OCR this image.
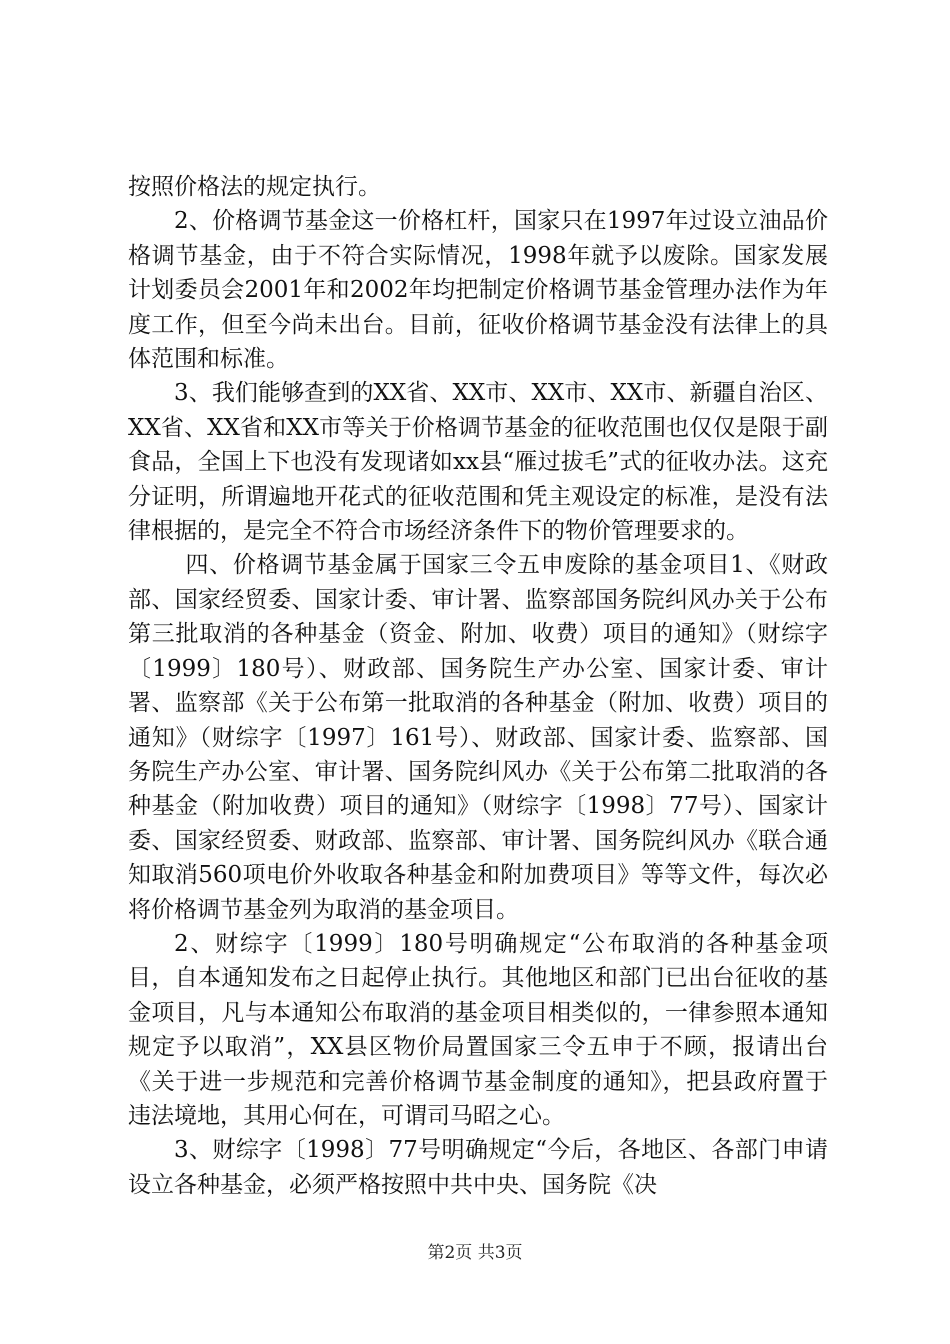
按照价格法的规定执行。

2、价格调节基金这一价格杠杆，国家只在1997年过设立油品价格调节基金，由于不符合实际情况，1998年就予以废除。国家发展计划委员会2001年和2002年均把制定价格调节基金管理办法作为年度工作，但至今尚未出台。目前，征收价格调节基金没有法律上的具体范围和标准。

3、我们能够查到的XX省、XX市、XX市、XX市、新疆自治区、XX省、XX省和XX市等关于价格调节基金的征收范围也仅仅是限于副食品，全国上下也没有发现诸如xx县“雁过拔毛”式的征收办法。这充分证明，所谓遍地开花式的征收范围和凭主观设定的标准，是没有法律根据的，是完全不符合市场经济条件下的物价管理要求的。

四、价格调节基金属于国家三令五申废除的基金项目1、《财政部、国家经贸委、国家计委、审计署、监察部国务院纠风办关于公布第三批取消的各种基金（资金、附加、收费）项目的通知》（财综字〔1999〕180号）、财政部、国务院生产办公室、国家计委、审计署、监察部《关于公布第一批取消的各种基金（附加、收费）项目的通知》（财综字〔1997〕161号）、财政部、国家计委、监察部、国务院生产办公室、审计署、国务院纠风办《关于公布第二批取消的各种基金（附加收费）项目的通知》（财综字〔1998〕77号）、国家计委、国家经贸委、财政部、监察部、审计署、国务院纠风办《联合通知取消560项电价外收取各种基金和附加费项目》等等文件，每次必将价格调节基金列为取消的基金项目。

2、财综字〔1999〕180号明确规定“公布取消的各种基金项目，自本通知发布之日起停止执行。其他地区和部门已出台征收的基金项目，凡与本通知公布取消的基金项目相类似的，一律参照本通知规定予以取消”，XX县区物价局置国家三令五申于不顾，报请出台《关于进一步规范和完善价格调节基金制度的通知》，把县政府置于违法境地，其用心何在，可谓司马昭之心。

3、财综字〔1998〕77号明确规定“今后，各地区、各部门申请设立各种基金，必须严格按照中共中央、国务院《决

第2页 共3页
